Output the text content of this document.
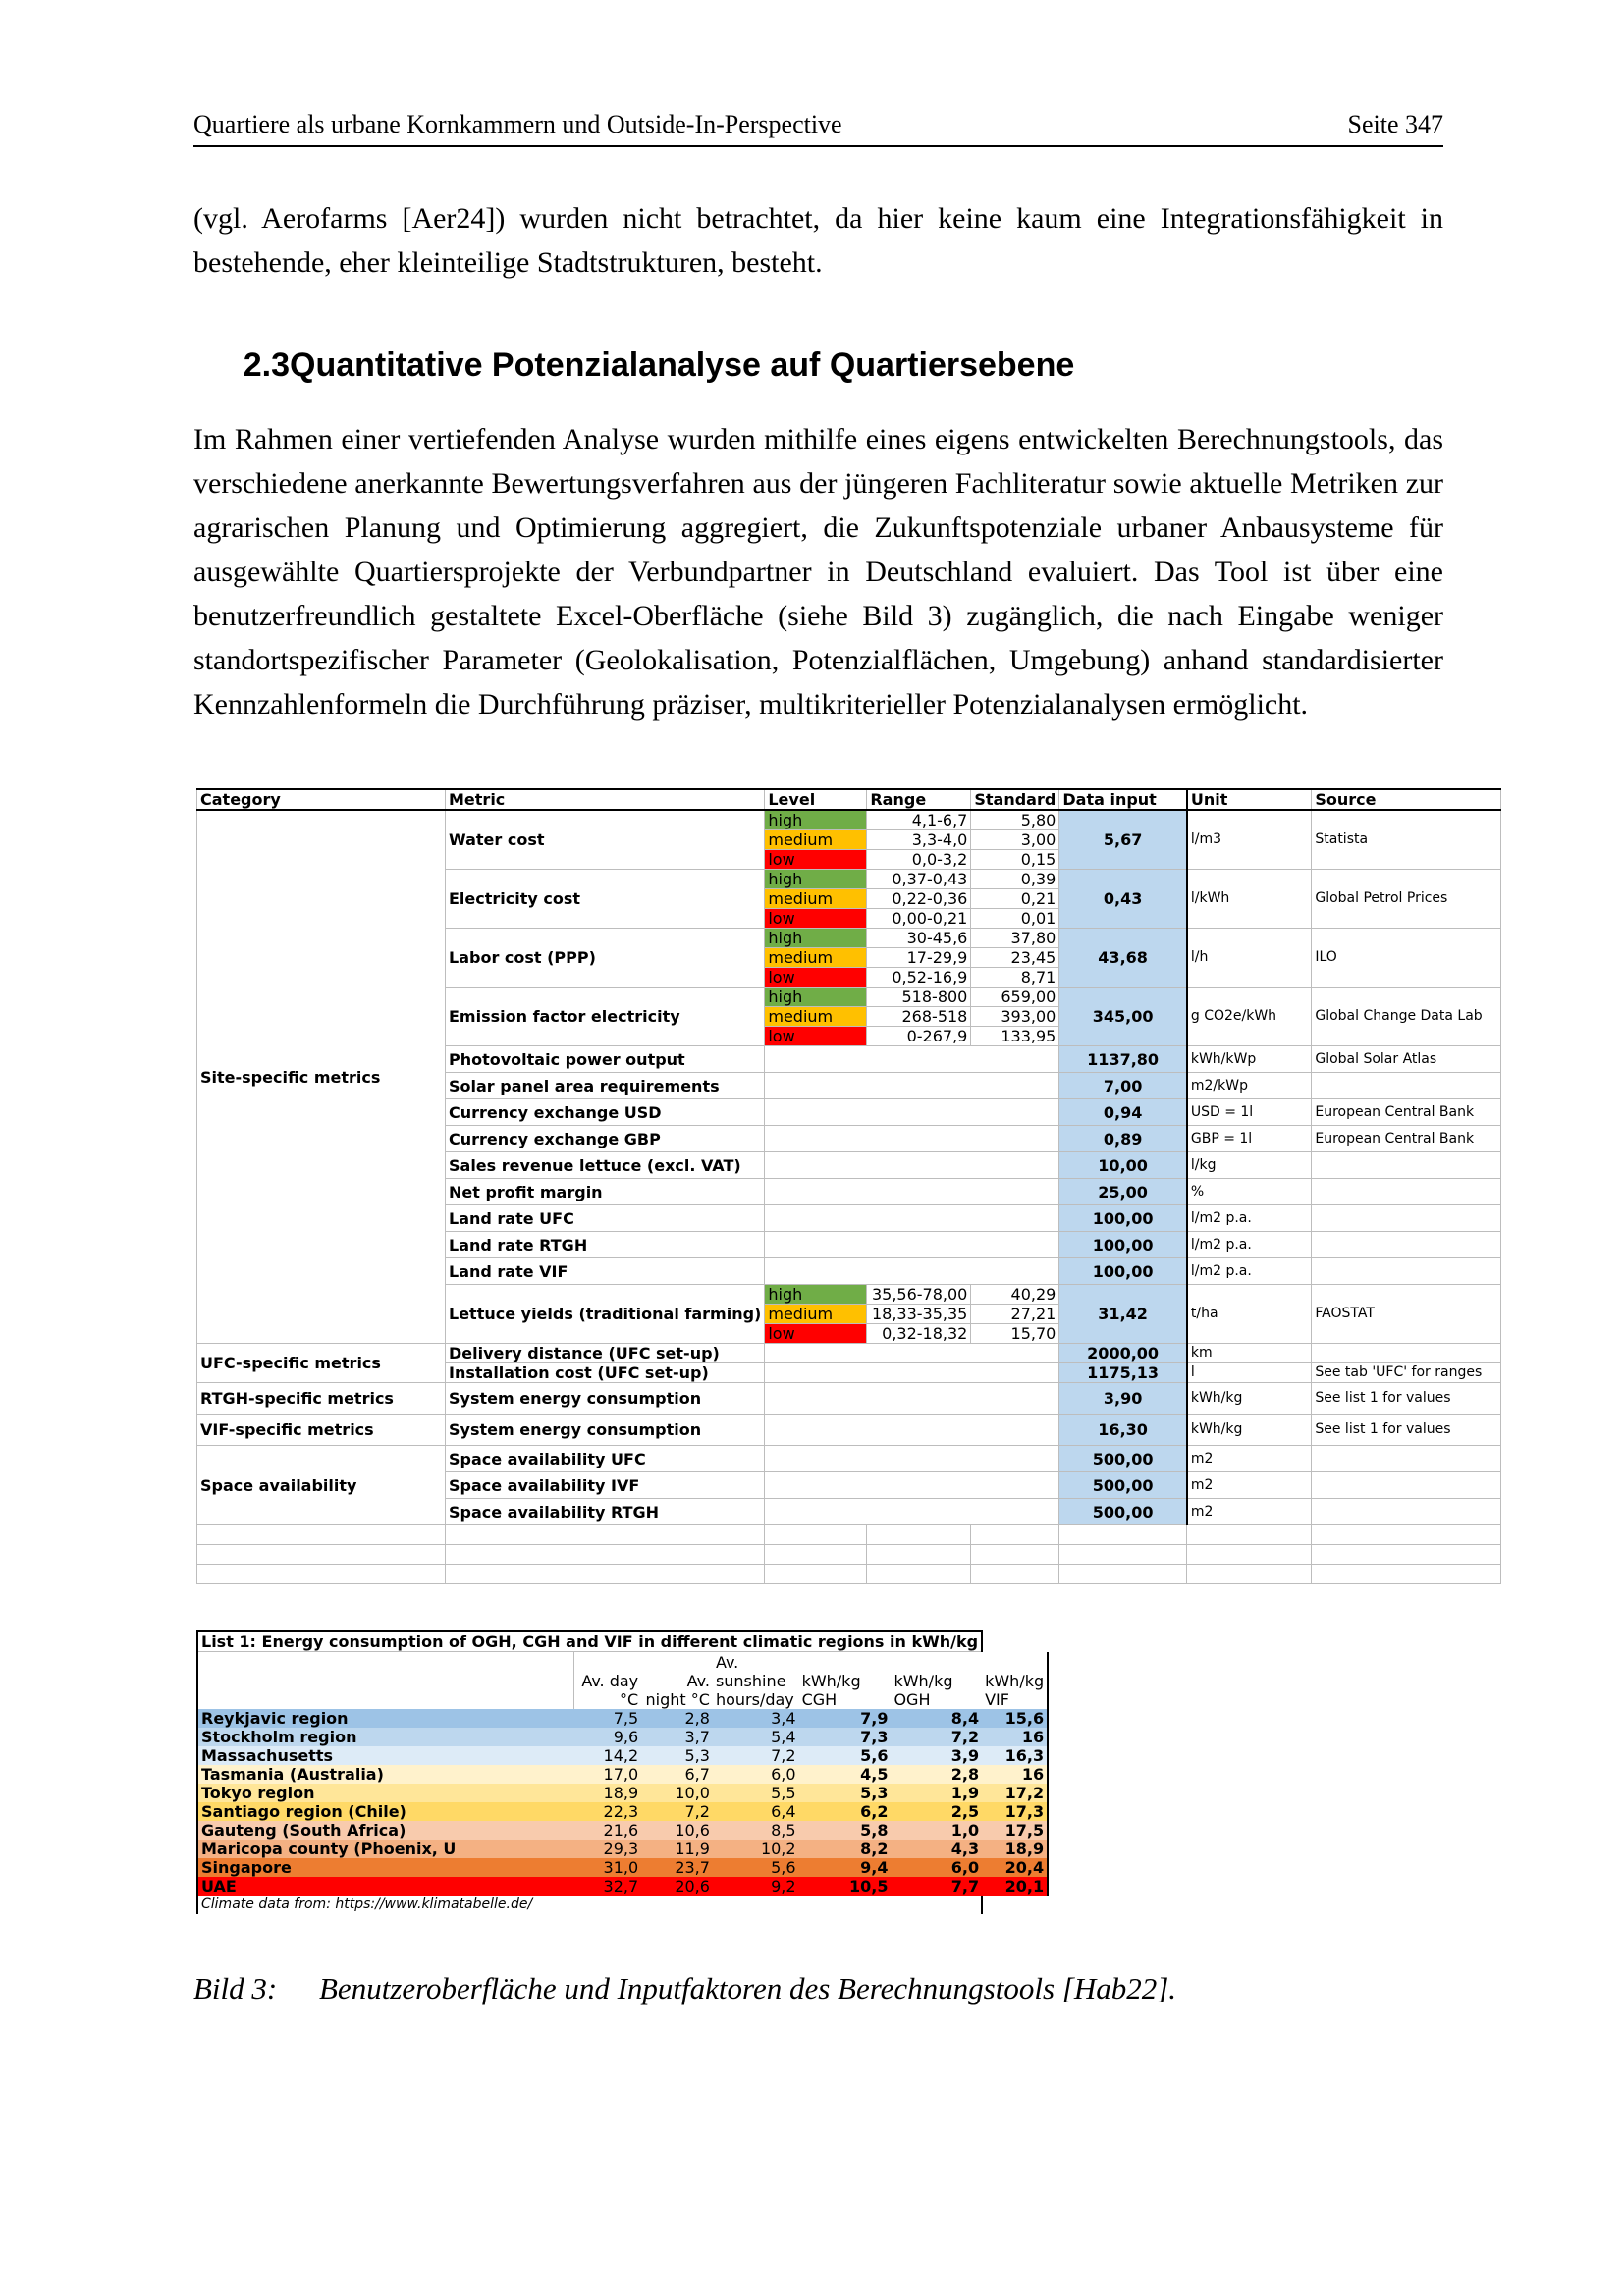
Quartiere als urbane Kornkammern und Outside-In-Perspective	Seite 347
(vgl. Aerofarms [Aer24]) wurden nicht betrachtet, da hier keine kaum eine Integrationsfähigkeit in bestehende, eher kleinteilige Stadtstrukturen, besteht.
2.3Quantitative Potenzialanalyse auf Quartiersebene
Im Rahmen einer vertiefenden Analyse wurden mithilfe eines eigens entwickelten Berechnungstools, das verschiedene anerkannte Bewertungsverfahren aus der jüngeren Fachliteratur sowie aktuelle Metriken zur agrarischen Planung und Optimierung aggregiert, die Zukunftspotenziale urbaner Anbausysteme für ausgewählte Quartiersprojekte der Verbundpartner in Deutschland evaluiert. Das Tool ist über eine benutzerfreundlich gestaltete Excel-Oberfläche (siehe Bild 3) zugänglich, die nach Eingabe weniger standortspezifischer Parameter (Geolokalisation, Potenzialflächen, Umgebung) anhand standardisierter Kennzahlenformeln die Durchführung präziser, multikriterieller Potenzialanalysen ermöglicht.
Category	Metric	Level	Range	Standard	Data input	Unit	Source
Site-specific metrics	Water cost	high	4,1-6,7	5,80	5,67	l/m3	Statista
		medium	3,3-4,0	3,00			
		low	0,0-3,2	0,15			
	Electricity cost	high	0,37-0,43	0,39	0,43	l/kWh	Global Petrol Prices
		medium	0,22-0,36	0,21			
		low	0,00-0,21	0,01			
	Labor cost (PPP)	high	30-45,6	37,80	43,68	l/h	ILO
		medium	17-29,9	23,45			
		low	0,52-16,9	8,71			
	Emission factor electricity	high	518-800	659,00	345,00	g CO2e/kWh	Global Change Data Lab
		medium	268-518	393,00			
		low	0-267,9	133,95			
	Photovoltaic power output				1137,80	kWh/kWp	Global Solar Atlas
	Solar panel area requirements				7,00	m2/kWp	
	Currency exchange USD				0,94	USD = 1l	European Central Bank
	Currency exchange GBP				0,89	GBP = 1l	European Central Bank
	Sales revenue lettuce (excl. VAT)				10,00	l/kg	
	Net profit margin				25,00	%	
	Land rate UFC				100,00	l/m2 p.a.	
	Land rate RTGH				100,00	l/m2 p.a.	
	Land rate VIF				100,00	l/m2 p.a.	
	Lettuce yields (traditional farming)	high	35,56-78,00	40,29	31,42	t/ha	FAOSTAT
		medium	18,33-35,35	27,21			
		low	0,32-18,32	15,70			
UFC-specific metrics	Delivery distance (UFC set-up)				2000,00	km	
	Installation cost (UFC set-up)				1175,13	l	See tab 'UFC' for ranges
RTGH-specific metrics	System energy consumption				3,90	kWh/kg	See list 1 for values
VIF-specific metrics	System energy consumption				16,30	kWh/kg	See list 1 for values
Space availability	Space availability UFC				500,00	m2	
	Space availability IVF				500,00	m2	
	Space availability RTGH				500,00	m2	

List 1: Energy consumption of OGH, CGH and VIF in different climatic regions in kWh/kg						
	Av. day °C	Av. night °C	Av. sunshine hours/day	kWh/kg CGH	kWh/kg OGH	kWh/kg VIF
Reykjavic region	7,5	2,8	3,4	7,9	8,4	15,6
Stockholm region	9,6	3,7	5,4	7,3	7,2	16
Massachusetts	14,2	5,3	7,2	5,6	3,9	16,3
Tasmania (Australia)	17,0	6,7	6,0	4,5	2,8	16
Tokyo region	18,9	10,0	5,5	5,3	1,9	17,2
Santiago region (Chile)	22,3	7,2	6,4	6,2	2,5	17,3
Gauteng (South Africa)	21,6	10,6	8,5	5,8	1,0	17,5
Maricopa county (Phoenix, U	29,3	11,9	10,2	8,2	4,3	18,9
Singapore	31,0	23,7	5,6	9,4	6,0	20,4
UAE	32,7	20,6	9,2	10,5	7,7	20,1
Climate data from: https://www.klimatabelle.de/						
Bild 3: Benutzeroberfläche und Inputfaktoren des Berechnungstools [Hab22].
